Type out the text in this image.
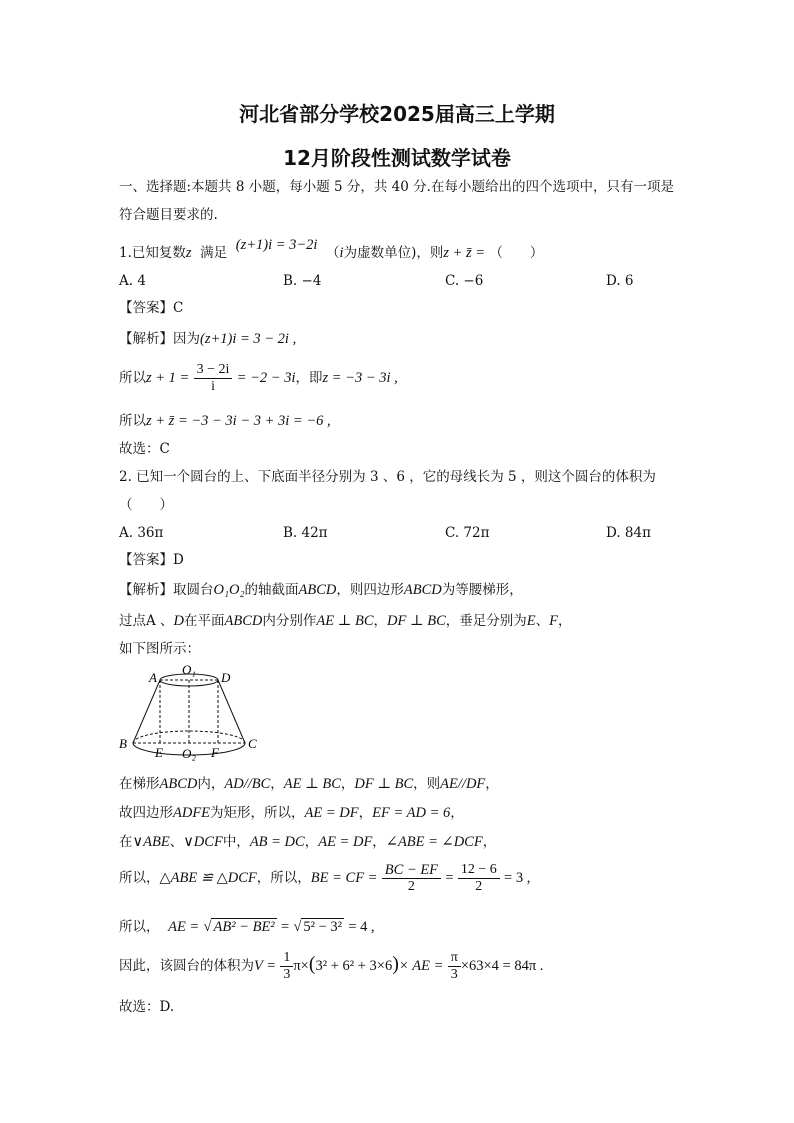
河北省部分学校2025届高三上学期
12月阶段性测试数学试卷
一、选择题:本题共 8 小题，每小题 5 分，共 40 分.在每小题给出的四个选项中，只有一项是
符合题目要求的.
1.已知复数z 满足 (z+1)i = 3−2i （i为虚数单位)，则z + z̄ = （　　）
A. 4	B. −4	C. −6	D. 6
【答案】C
【解析】因为(z+1)i = 3 − 2i ,
所以$z + 1 = \frac{3 - 2i}{i} = -2 - 3i$，即z = −3 − 3i ,
所以z + z̄ = −3 − 3i − 3 + 3i = −6 ,
故选：C
2. 已知一个圆台的上、下底面半径分别为 3 、6 ，它的母线长为 5 ，则这个圆台的体积为
（　　）
A. 36π	B. 42π	C. 72π	D. 84π
【答案】D
【解析】取圆台O₁O₂的轴截面ABCD，则四边形ABCD为等腰梯形，
过点A 、D在平面ABCD内分别作AE ⊥ BC，DF ⊥ BC，垂足分别为E、F，
如下图所示：
A	D
O₁
B
E O₂ F
C
在梯形ABCD内，AD//BC，AE ⊥ BC，DF ⊥ BC，则AE//DF，
故四边形ADFE为矩形，所以，AE = DF，EF = AD = 6，
在∨ABE、∨DCF中，AB = DC，AE = DF，∠ABE = ∠DCF，
所以，△ABE ≌ △DCF，所以，BE = CF = $\frac{BC - EF}{2} = \frac{12 - 6}{2} = 3$ ,
所以， AE = √ AB² − BE² = √ 5² − 3² = 4 ,
因此，该圆台的体积为$V = \frac{1}{3} \pi\times(3^2 + 6^2 + 3\times 6)\times$ AE = $\frac{\pi}{3} \times 63\times 4 = 84\pi$ .
故选：D.
